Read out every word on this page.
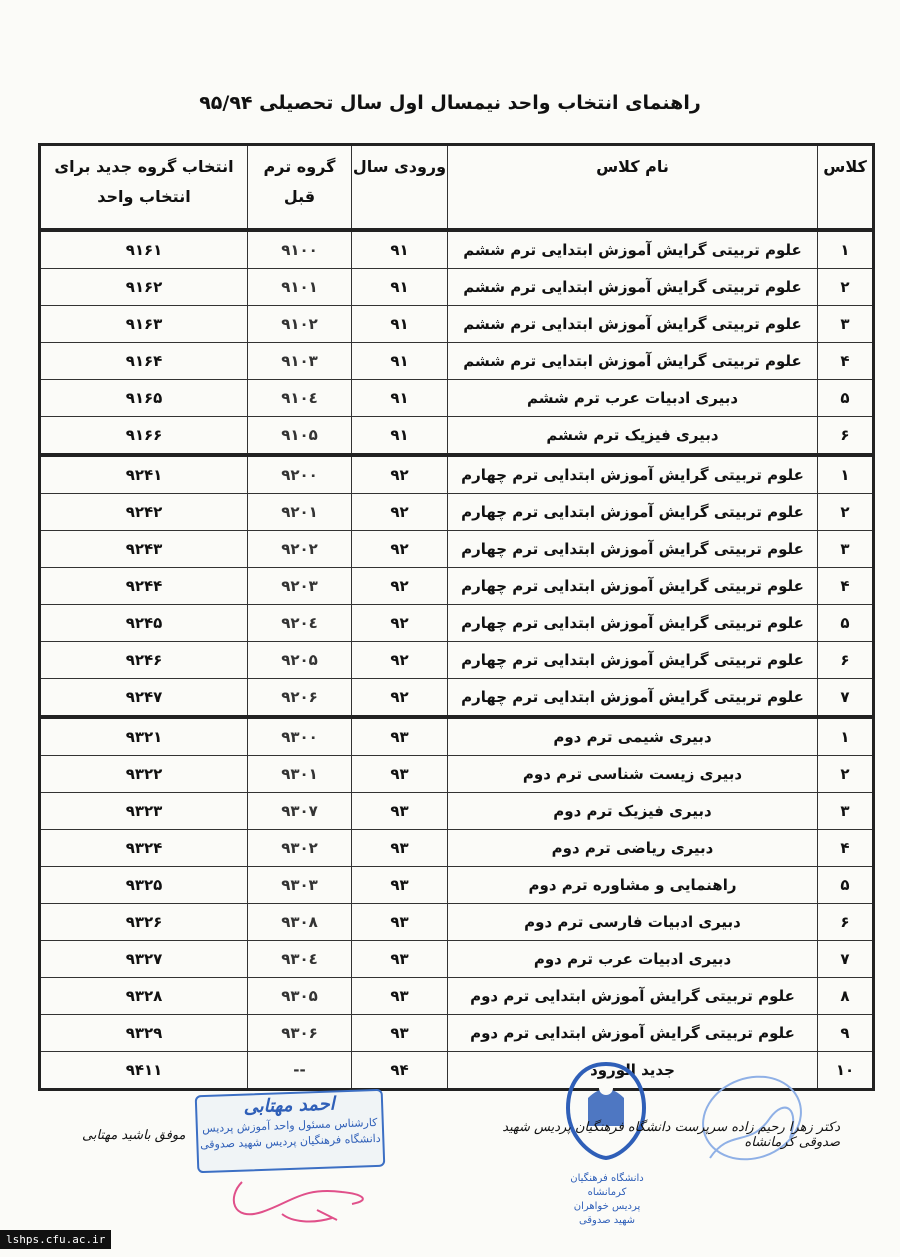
راهنمای انتخاب واحد نیمسال اول سال تحصیلی ۹۵/۹۴
کلاس	نام کلاس	ورودی سال	گروه ترم قبل	انتخاب گروه جدید برای انتخاب واحد
۱	علوم تربیتی گرایش آموزش ابتدایی ترم ششم	۹۱	۹۱۰۰	۹۱۶۱
۲	علوم تربیتی گرایش آموزش ابتدایی ترم ششم	۹۱	۹۱۰۱	۹۱۶۲
۳	علوم تربیتی گرایش آموزش ابتدایی ترم ششم	۹۱	۹۱۰۲	۹۱۶۳
۴	علوم تربیتی گرایش آموزش ابتدایی ترم ششم	۹۱	۹۱۰۳	۹۱۶۴
۵	دبیری ادبیات عرب ترم ششم	۹۱	۹۱۰٤	۹۱۶۵
۶	دبیری فیزیک ترم ششم	۹۱	۹۱۰۵	۹۱۶۶
۱	علوم تربیتی گرایش آموزش ابتدایی ترم چهارم	۹۲	۹۲۰۰	۹۲۴۱
۲	علوم تربیتی گرایش آموزش ابتدایی ترم چهارم	۹۲	۹۲۰۱	۹۲۴۲
۳	علوم تربیتی گرایش آموزش ابتدایی ترم چهارم	۹۲	۹۲۰۲	۹۲۴۳
۴	علوم تربیتی گرایش آموزش ابتدایی ترم چهارم	۹۲	۹۲۰۳	۹۲۴۴
۵	علوم تربیتی گرایش آموزش ابتدایی ترم چهارم	۹۲	۹۲۰٤	۹۲۴۵
۶	علوم تربیتی گرایش آموزش ابتدایی ترم چهارم	۹۲	۹۲۰۵	۹۲۴۶
۷	علوم تربیتی گرایش آموزش ابتدایی ترم چهارم	۹۲	۹۲۰۶	۹۲۴۷
۱	دبیری شیمی ترم دوم	۹۳	۹۳۰۰	۹۳۲۱
۲	دبیری زیست شناسی ترم دوم	۹۳	۹۳۰۱	۹۳۲۲
۳	دبیری فیزیک ترم دوم	۹۳	۹۳۰۷	۹۳۲۳
۴	دبیری ریاضی ترم دوم	۹۳	۹۳۰۲	۹۳۲۴
۵	راهنمایی و مشاوره ترم دوم	۹۳	۹۳۰۳	۹۳۲۵
۶	دبیری ادبیات فارسی ترم دوم	۹۳	۹۳۰۸	۹۳۲۶
۷	دبیری ادبیات عرب ترم دوم	۹۳	۹۳۰٤	۹۳۲۷
۸	علوم تربیتی گرایش آموزش ابتدایی ترم دوم	۹۳	۹۳۰۵	۹۳۲۸
۹	علوم تربیتی گرایش آموزش ابتدایی ترم دوم	۹۳	۹۳۰۶	۹۳۲۹
۱۰	جدید الورود	۹۴	--	۹۴۱۱
موفق باشید مهتابی
احمد مهتابی
کارشناس مسئول واحد آموزش پردیس
دانشگاه فرهنگیان پردیس شهید صدوقی
دانشگاه فرهنگیان کرمانشاه
پردیس خواهران
شهید صدوقی
دکتر زهرا رحیم زاده سرپرست دانشگاه فرهنگیان پردیس شهید صدوقی کرمانشاه
lshps.cfu.ac.ir
